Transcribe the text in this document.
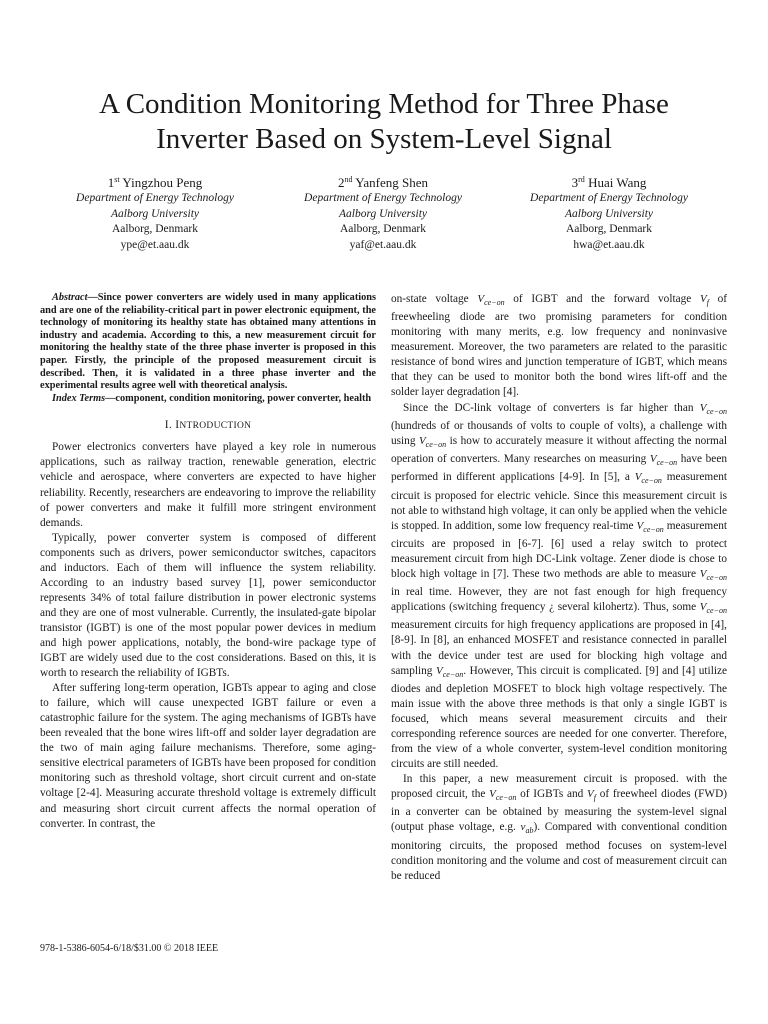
A Condition Monitoring Method for Three Phase
Inverter Based on System-Level Signal
1st Yingzhou Peng
Department of Energy Technology
Aalborg University
Aalborg, Denmark
ype@et.aau.dk
2nd Yanfeng Shen
Department of Energy Technology
Aalborg University
Aalborg, Denmark
yaf@et.aau.dk
3rd Huai Wang
Department of Energy Technology
Aalborg University
Aalborg, Denmark
hwa@et.aau.dk

Abstract—Since power converters are widely used in many applications and are one of the reliability-critical part in power electronic equipment, the technology of monitoring its healthy state has obtained many attentions in industry and academia. According to this, a new measurement circuit for monitoring the healthy state of the three phase inverter is proposed in this paper. Firstly, the principle of the proposed measurement circuit is described. Then, it is validated in a three phase inverter and the experimental results agree well with theoretical analysis.

Index Terms—component, condition monitoring, power converter, health

I. INTRODUCTION

Power electronics converters have played a key role in numerous applications, such as railway traction, renewable generation, electric vehicle and aerospace, where converters are expected to have higher reliability. Recently, researchers are endeavoring to improve the reliability of power converters and make it fulfill more stringent environment demands.

Typically, power converter system is composed of different components such as drivers, power semiconductor switches, capacitors and inductors. Each of them will influence the system reliability. According to an industry based survey [1], power semiconductor represents 34% of total failure distribution in power electronic systems and they are one of most vulnerable. Currently, the insulated-gate bipolar transistor (IGBT) is one of the most popular power devices in medium and high power applications, notably, the bond-wire package type of IGBT are widely used due to the cost considerations. Based on this, it is worth to research the reliability of IGBTs.

After suffering long-term operation, IGBTs appear to aging and close to failure, which will cause unexpected IGBT failure or even a catastrophic failure for the system. The aging mechanisms of IGBTs have been revealed that the bone wires lift-off and solder layer degradation are the two of main aging failure mechanisms. Therefore, some aging- sensitive electrical parameters of IGBTs have been proposed for condition monitoring such as threshold voltage, short circuit current and on-state voltage [2-4]. Measuring accurate threshold voltage is extremely difficult and measuring short circuit current affects the normal operation of converter. In contrast, the

on-state voltage $V_{ce-on}$ of IGBT and the forward voltage $V_f$ of freewheeling diode are two promising parameters for condition monitoring with many merits, e.g. low frequency and noninvasive measurement. Moreover, the two parameters are related to the parasitic resistance of bond wires and junction temperature of IGBT, which means that they can be used to monitor both the bond wires lift-off and the solder layer degradation [4].

Since the DC-link voltage of converters is far higher than $V_{ce-on}$ (hundreds of or thousands of volts to couple of volts), a challenge with using $V_{ce-on}$ is how to accurately measure it without affecting the normal operation of converters. Many researches on measuring $V_{ce-on}$ have been performed in different applications [4-9]. In [5], a $V_{ce-on}$ measurement circuit is proposed for electric vehicle. Since this measurement circuit is not able to withstand high voltage, it can only be applied when the vehicle is stopped. In addition, some low frequency real-time $V_{ce-on}$ measurement circuits are proposed in [6-7]. [6] used a relay switch to protect measurement circuit from high DC-Link voltage. Zener diode is chose to block high voltage in [7]. These two methods are able to measure $V_{ce-on}$ in real time. However, they are not fast enough for high frequency applications (switching frequency ¿ several kilohertz). Thus, some $V_{ce-on}$ measurement circuits for high frequency applications are proposed in [4], [8-9]. In [8], an enhanced MOSFET and resistance connected in parallel with the device under test are used for blocking high voltage and sampling $V_{ce-on}$. However, This circuit is complicated. [9] and [4] utilize diodes and depletion MOSFET to block high voltage respectively. The main issue with the above three methods is that only a single IGBT is focused, which means several measurement circuits and their corresponding reference sources are needed for one converter. Therefore, from the view of a whole converter, system-level condition monitoring circuits are still needed.

In this paper, a new measurement circuit is proposed. with the proposed circuit, the $V_{ce-on}$ of IGBTs and $V_f$ of freewheel diodes (FWD) in a converter can be obtained by measuring the system-level signal (output phase voltage, e.g. $v_{ab}$). Compared with conventional condition monitoring circuits, the proposed method focuses on system-level condition monitoring and the volume and cost of measurement circuit can be reduced

978-1-5386-6054-6/18/$31.00 © 2018 IEEE
